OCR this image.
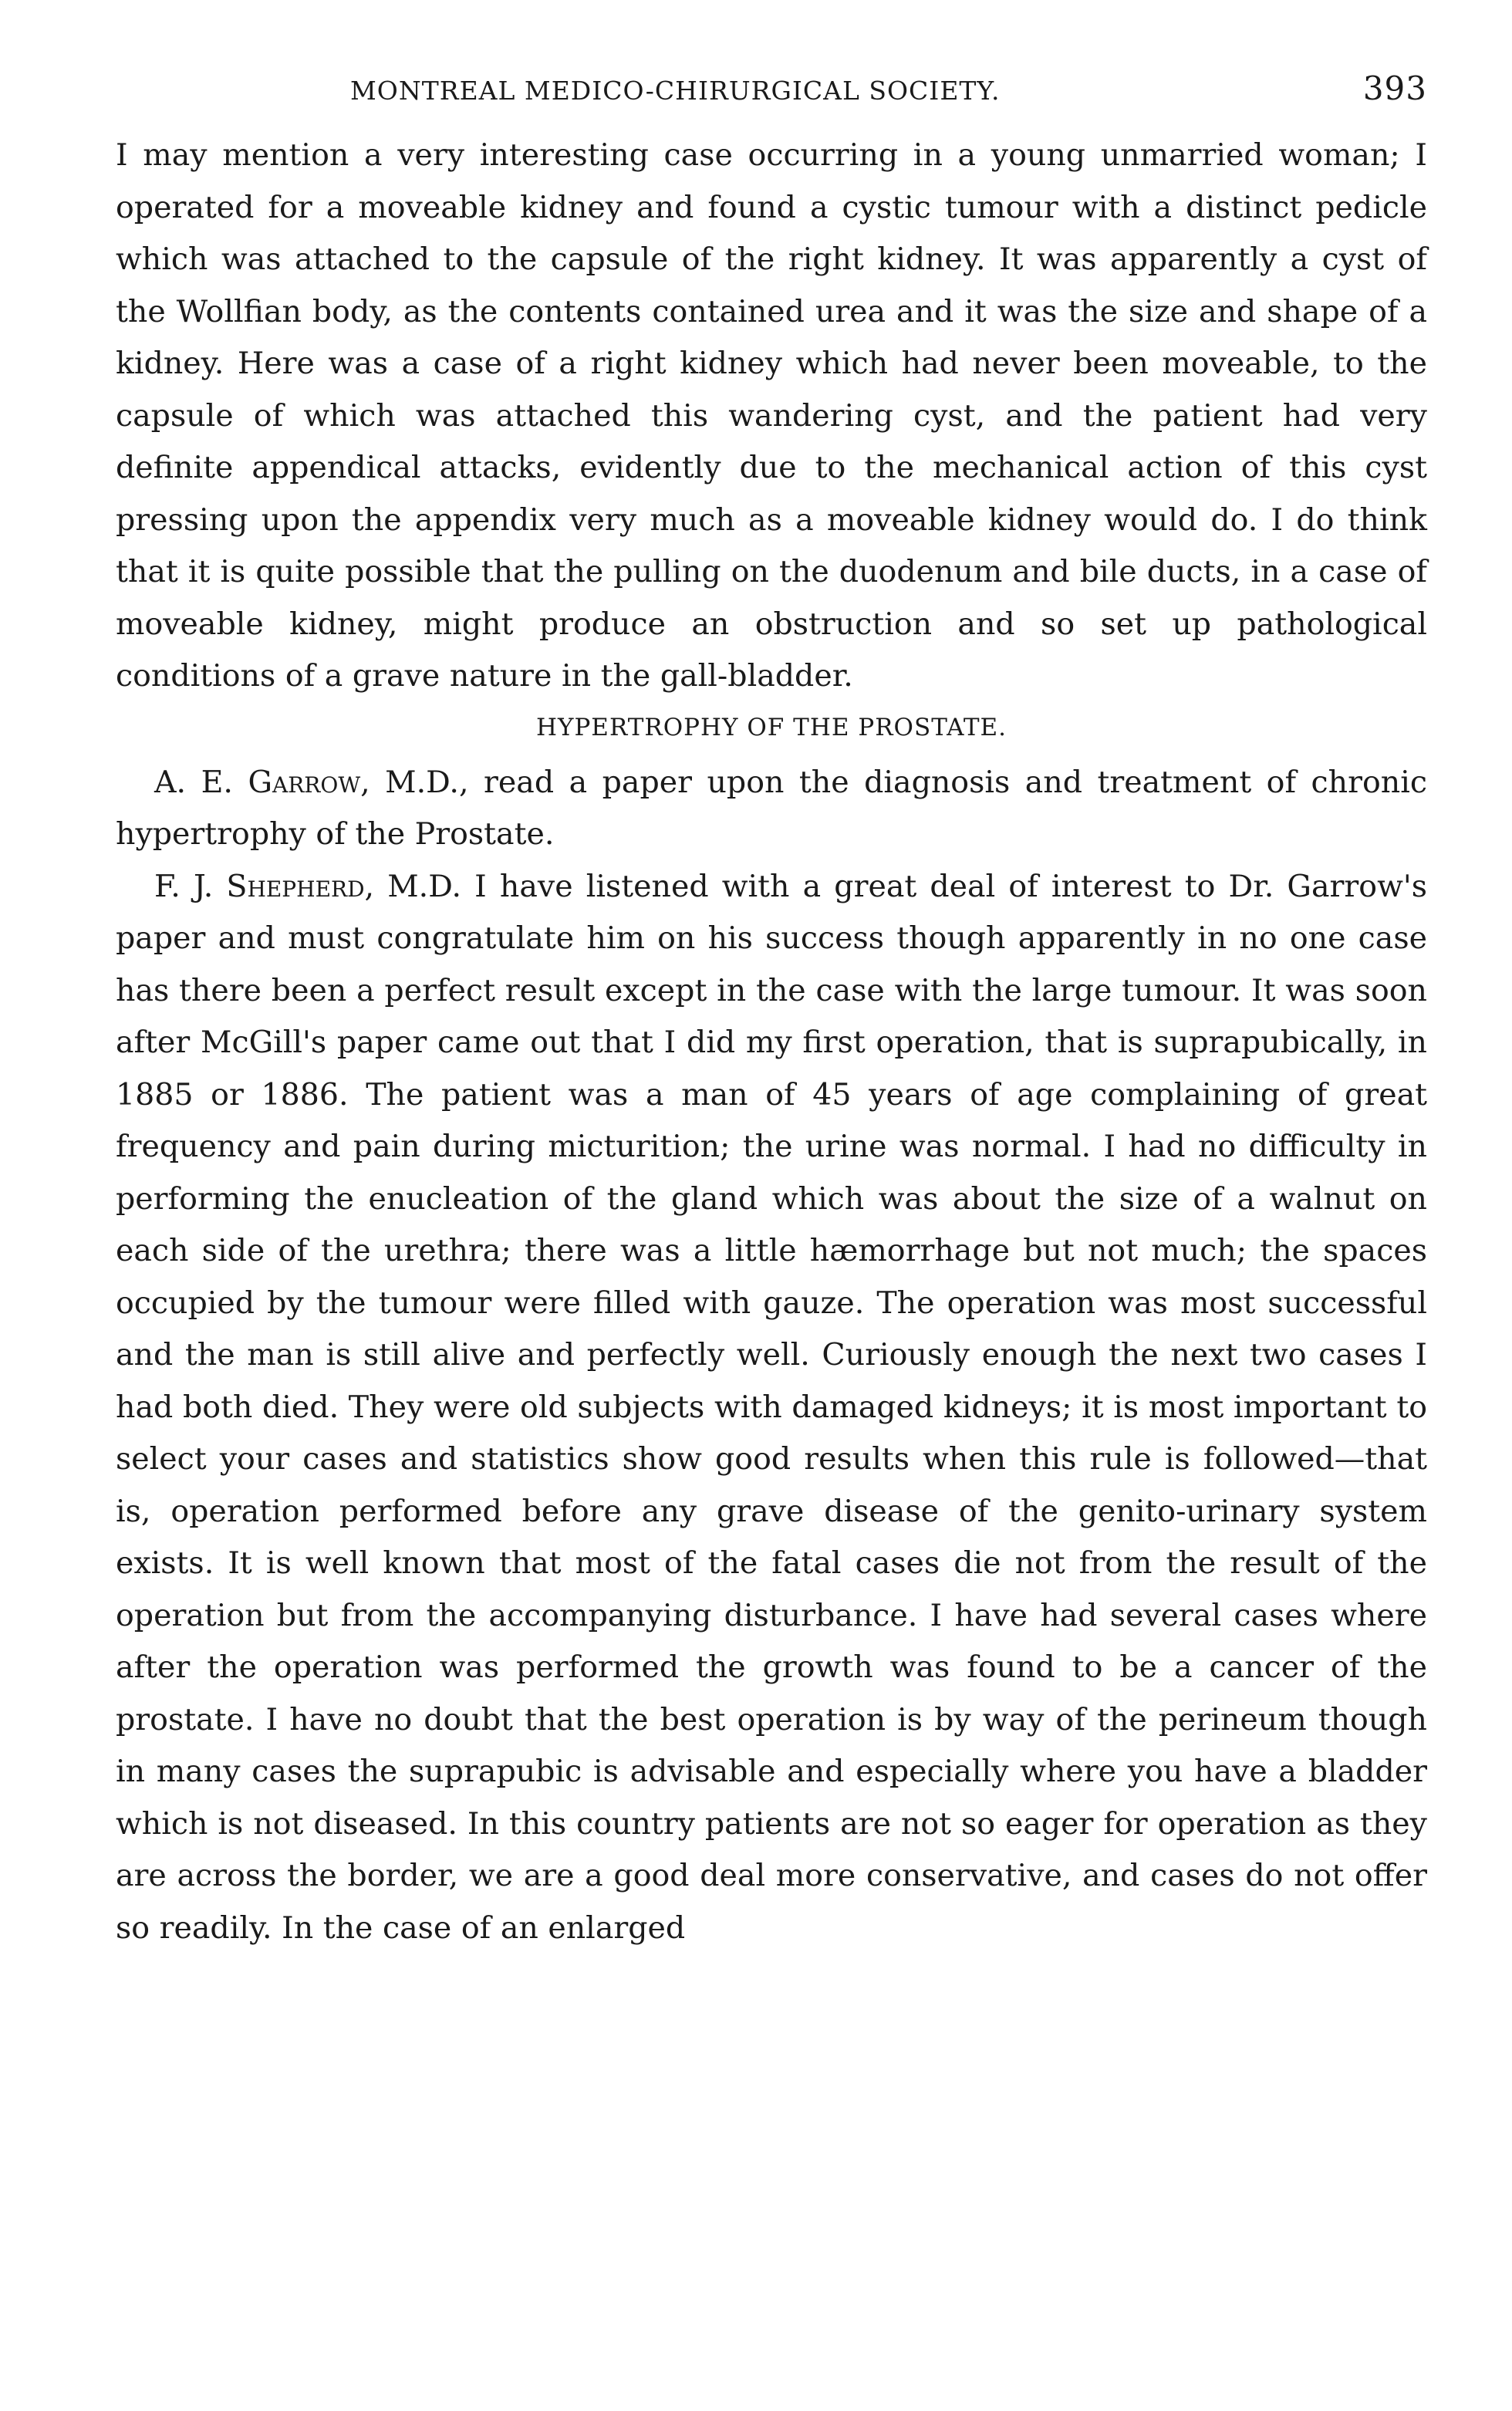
MONTREAL MEDICO-CHIRURGICAL SOCIETY.	393

I may mention a very interesting case occurring in a young unmarried woman; I operated for a moveable kidney and found a cystic tumour with a distinct pedicle which was attached to the capsule of the right kidney. It was apparently a cyst of the Wollfian body, as the contents contained urea and it was the size and shape of a kidney. Here was a case of a right kidney which had never been moveable, to the capsule of which was attached this wandering cyst, and the patient had very definite appendical attacks, evidently due to the mechanical action of this cyst pressing upon the appendix very much as a moveable kidney would do. I do think that it is quite possible that the pulling on the duodenum and bile ducts, in a case of moveable kidney, might produce an obstruction and so set up pathological conditions of a grave nature in the gall-bladder.

HYPERTROPHY OF THE PROSTATE.

A. E. Garrow, M.D., read a paper upon the diagnosis and treatment of chronic hypertrophy of the Prostate.

F. J. Shepherd, M.D. I have listened with a great deal of interest to Dr. Garrow's paper and must congratulate him on his success though apparently in no one case has there been a perfect result except in the case with the large tumour. It was soon after McGill's paper came out that I did my first operation, that is suprapubically, in 1885 or 1886. The patient was a man of 45 years of age complaining of great frequency and pain during micturition; the urine was normal. I had no difficulty in performing the enucleation of the gland which was about the size of a walnut on each side of the urethra; there was a little hæmorrhage but not much; the spaces occupied by the tumour were filled with gauze. The operation was most successful and the man is still alive and perfectly well. Curiously enough the next two cases I had both died. They were old subjects with damaged kidneys; it is most important to select your cases and statistics show good results when this rule is followed—that is, operation performed before any grave disease of the genito-urinary system exists. It is well known that most of the fatal cases die not from the result of the operation but from the accompanying disturbance. I have had several cases where after the operation was performed the growth was found to be a cancer of the prostate. I have no doubt that the best operation is by way of the perineum though in many cases the suprapubic is advisable and especially where you have a bladder which is not diseased. In this country patients are not so eager for operation as they are across the border, we are a good deal more conservative, and cases do not offer so readily. In the case of an enlarged
